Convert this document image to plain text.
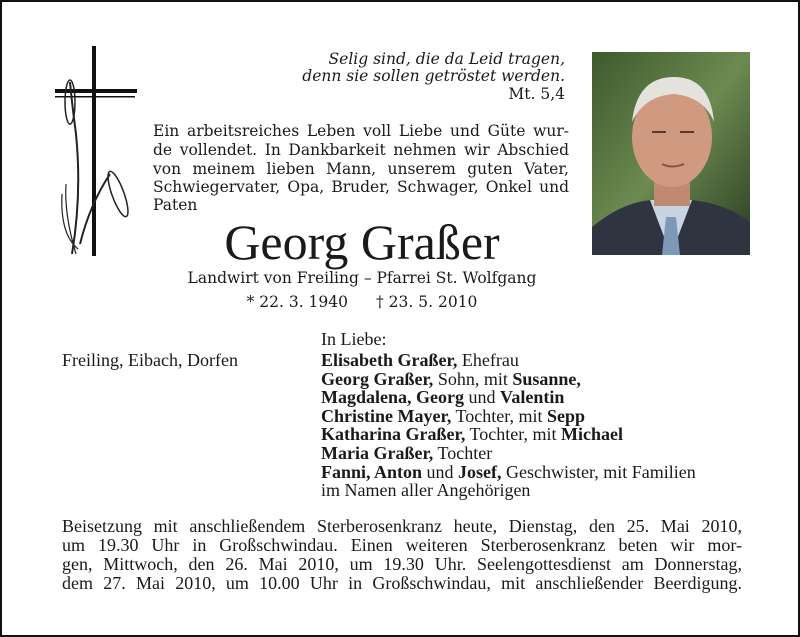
Selig sind, die da Leid tragen,
denn sie sollen getröstet werden.
Mt. 5,4
Ein arbeitsreiches Leben voll Liebe und Güte wur-
de vollendet. In Dankbarkeit nehmen wir Abschied
von meinem lieben Mann, unserem guten Vater,
Schwiegervater, Opa, Bruder, Schwager, Onkel und
Paten
Georg Graßer
Landwirt von Freiling – Pfarrei St. Wolfgang
* 22. 3. 1940 † 23. 5. 2010
In Liebe:
Freiling, Eibach, Dorfen	Elisabeth Graßer, Ehefrau
Georg Graßer, Sohn, mit Susanne,
Magdalena, Georg und Valentin
Christine Mayer, Tochter, mit Sepp
Katharina Graßer, Tochter, mit Michael
Maria Graßer, Tochter
Fanni, Anton und Josef, Geschwister, mit Familien
im Namen aller Angehörigen
Beisetzung mit anschließendem Sterberosenkranz heute, Dienstag, den 25. Mai 2010,
um 19.30 Uhr in Großschwindau. Einen weiteren Sterberosenkranz beten wir mor-
gen, Mittwoch, den 26. Mai 2010, um 19.30 Uhr. Seelengottesdienst am Donnerstag,
dem 27. Mai 2010, um 10.00 Uhr in Großschwindau, mit anschließender Beerdigung.
